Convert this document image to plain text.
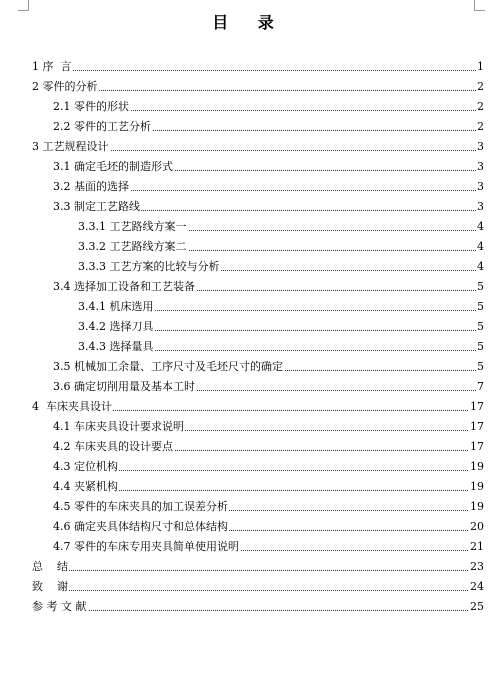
目 录
1 序  言	1
2 零件的分析	2
2.1 零件的形状	2
2.2 零件的工艺分析	2
3 工艺规程设计	3
3.1 确定毛坯的制造形式	3
3.2 基面的选择	3
3.3 制定工艺路线	3
3.3.1 工艺路线方案一	4
3.3.2 工艺路线方案二	4
3.3.3 工艺方案的比较与分析	4
3.4 选择加工设备和工艺装备	5
3.4.1 机床选用	5
3.4.2 选择刀具	5
3.4.3 选择量具	5
3.5 机械加工余量、工序尺寸及毛坯尺寸的确定	5
3.6 确定切削用量及基本工时	7
4  车床夹具设计	17
4.1 车床夹具设计要求说明	17
4.2 车床夹具的设计要点	17
4.3 定位机构	19
4.4 夹紧机构	19
4.5 零件的车床夹具的加工误差分析	19
4.6 确定夹具体结构尺寸和总体结构	20
4.7 零件的车床专用夹具简单使用说明	21
总    结	23
致    谢	24
参 考 文 献	25
